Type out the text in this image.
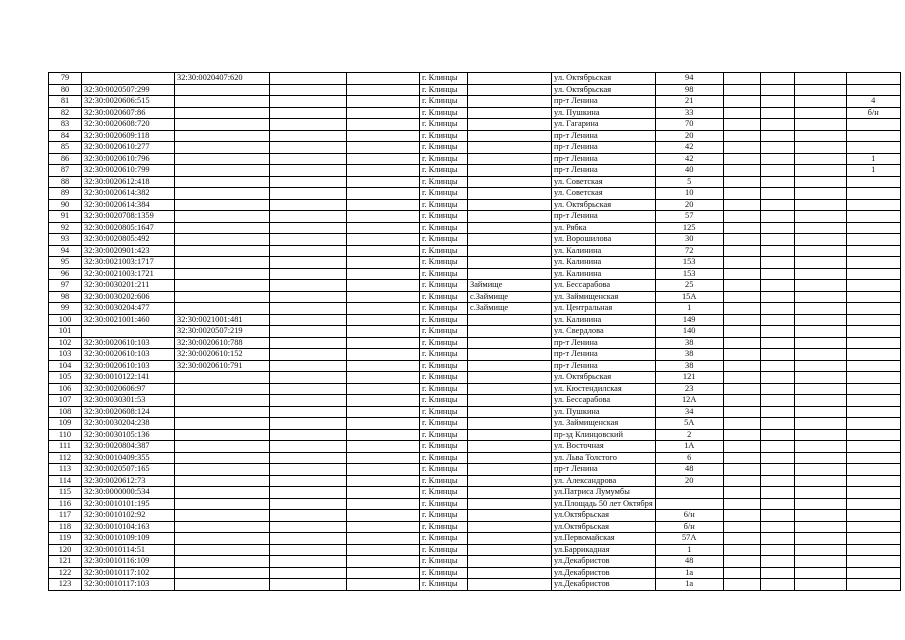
79		32:30:0020407:620			г. Клинцы		ул. Октябрьская	94				
80	32:30:0020507:299				г. Клинцы		ул. Октябрьская	98				
81	32:30:0020606:515				г. Клинцы		пр-т Ленина	21				4
82	32:30:0020607:86				г. Клинцы		ул. Пушкина	33				б/н
83	32:30:0020608:720				г. Клинцы		ул. Гагарина	70				
84	32:30:0020609:118				г. Клинцы		пр-т Ленина	20				
85	32:30:0020610:277				г. Клинцы		пр-т Ленина	42				
86	32:30:0020610:796				г. Клинцы		пр-т Ленина	42				1
87	32:30:0020610:799				г. Клинцы		пр-т Ленина	40				1
88	32:30:0020612:418				г. Клинцы		ул. Советская	5				
89	32:30:0020614:382				г. Клинцы		ул. Советская	10				
90	32:30:0020614:384				г. Клинцы		ул. Октябрьская	20				
91	32:30:0020708:1359				г. Клинцы		пр-т Ленина	57				
92	32:30:0020805:1647				г. Клинцы		ул. Рябка	125				
93	32:30:0020805:492				г. Клинцы		ул. Ворошилова	30				
94	32:30:0020901:423				г. Клинцы		ул. Калинина	72				
95	32:30:0021003:1717				г. Клинцы		ул. Калинина	153				
96	32:30:0021003:1721				г. Клинцы		ул. Калинина	153				
97	32:30:0030201:211				г. Клинцы	Займище	ул. Бессарабова	25				
98	32:30:0030202:606				г. Клинцы	с.Займище	ул. Займищенская	15А				
99	32:30:0030204:477				г. Клинцы	с.Займище	ул. Центральная	1				
100	32:30:0021001:460	32:30:0021001:481			г. Клинцы		ул. Калинина	149				
101		32:30:0020507:219			г. Клинцы		ул. Свердлова	140				
102	32:30:0020610:103	32:30:0020610:788			г. Клинцы		пр-т Ленина	38				
103	32:30:0020610:103	32:30:0020610:152			г. Клинцы		пр-т Ленина	38				
104	32:30:0020610:103	32:30:0020610:791			г. Клинцы		пр-т Ленина	38				
105	32:30:0010122:141				г. Клинцы		ул. Октябрьская	121				
106	32:30:0020606:97				г. Клинцы		ул. Кюстендилская	23				
107	32:30:0030301:53				г. Клинцы		ул. Бессарабова	12А				
108	32:30:0020608:124				г. Клинцы		ул. Пушкина	34				
109	32:30:0030204:238				г. Клинцы		ул. Займищенская	5А				
110	32:30:0030105:136				г. Клинцы		пр-зд Клинцовский	2				
111	32:30:0020804:387				г. Клинцы		ул. Восточная	1А				
112	32:30:0010409:355				г. Клинцы		ул. Льва Толстого	6				
113	32:30:0020507:165				г. Клинцы		пр-т Ленина	48				
114	32:30:0020612:73				г. Клинцы		ул. Александрова	20				
115	32:30:0000000:534				г. Клинцы		ул.Патриса Лумумбы					
116	32:30:0010101:195				г. Клинцы		ул.Площадь 50 лет Октября					
117	32:30:0010102:92				г. Клинцы		ул.Октябрьская	6/н				
118	32:30:0010104:163				г. Клинцы		ул.Октябрьская	б/н				
119	32:30:0010109:109				г. Клинцы		ул.Первомайская	57А				
120	32:30:0010114:51				г. Клинцы		ул.Баррикадная	1				
121	32:30:0010116:109				г. Клинцы		ул.Декабристов	48				
122	32:30:0010117:102				г. Клинцы		ул.Декабристов	1а				
123	32:30:0010117:103				г. Клинцы		ул.Декабристов	1а				
